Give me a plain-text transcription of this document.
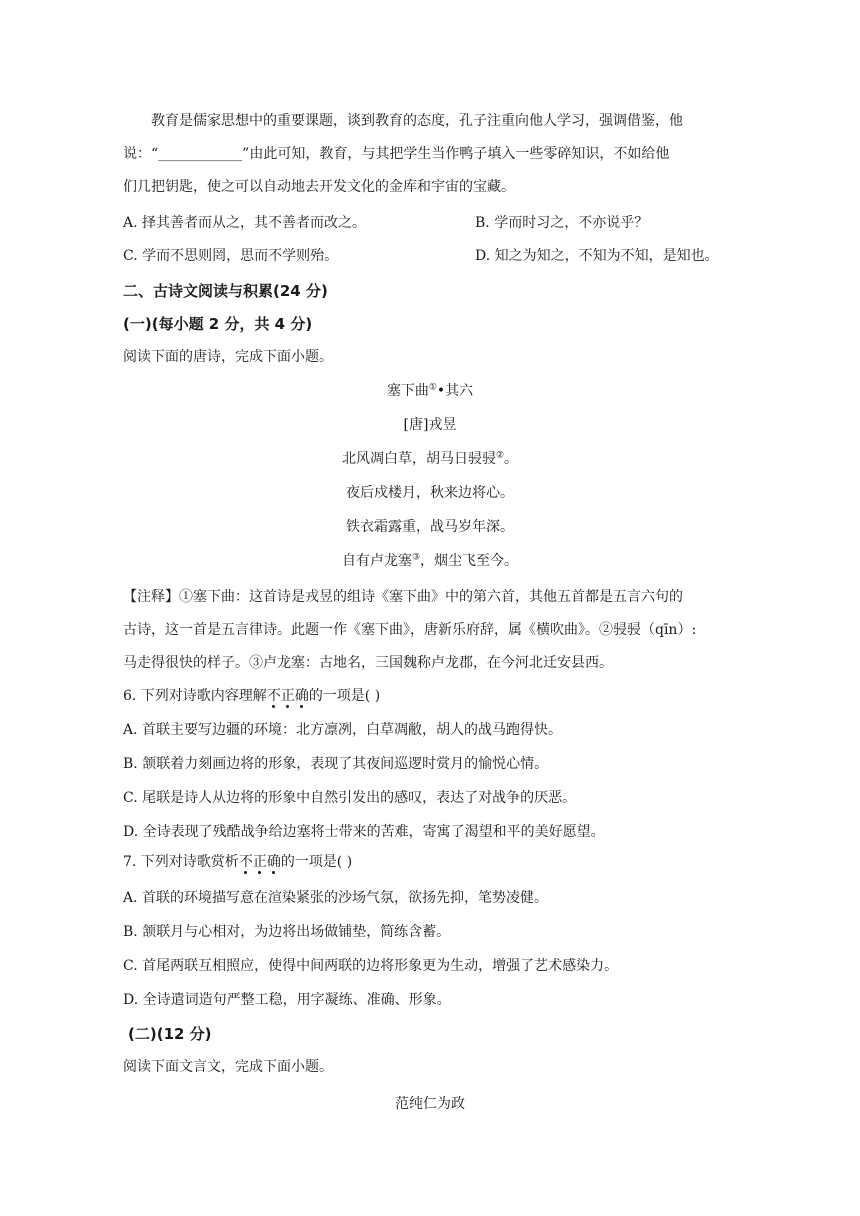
教育是儒家思想中的重要课题，谈到教育的态度，孔子注重向他人学习，强调借鉴，他
说：“____________”由此可知，教育，与其把学生当作鸭子填入一些零碎知识，不如给他
们几把钥匙，使之可以自动地去开发文化的金库和宇宙的宝藏。
A. 择其善者而从之，其不善者而改之。	B. 学而时习之，不亦说乎？
C. 学而不思则罔，思而不学则殆。	D. 知之为知之，不知为不知，是知也。
二、古诗文阅读与积累(24 分)
(一)(每小题 2 分，共 4 分)
阅读下面的唐诗，完成下面小题。
塞下曲①•其六
[唐]戎昱
北风凋白草，胡马日骎骎②。
夜后戍楼月，秋来边将心。
铁衣霜露重，战马岁年深。
自有卢龙塞③，烟尘飞至今。
【注释】①塞下曲：这首诗是戎昱的组诗《塞下曲》中的第六首，其他五首都是五言六句的
古诗，这一首是五言律诗。此题一作《塞下曲》，唐新乐府辞，属《横吹曲》。②骎骎（qīn）:
马走得很快的样子。③卢龙塞：古地名，三国魏称卢龙郡，在今河北迁安县西。
6. 下列对诗歌内容理解不正确的一项是( )
A. 首联主要写边疆的环境：北方凛冽，白草凋敝，胡人的战马跑得快。
B. 颔联着力刻画边将的形象，表现了其夜间巡逻时赏月的愉悦心情。
C. 尾联是诗人从边将的形象中自然引发出的感叹，表达了对战争的厌恶。
D. 全诗表现了残酷战争给边塞将士带来的苦难，寄寓了渴望和平的美好愿望。
7. 下列对诗歌赏析不正确的一项是( )
A. 首联的环境描写意在渲染紧张的沙场气氛，欲扬先抑，笔势凌健。
B. 颔联月与心相对，为边将出场做铺垫，简练含蓄。
C. 首尾两联互相照应，使得中间两联的边将形象更为生动，增强了艺术感染力。
D. 全诗遣词造句严整工稳，用字凝练、准确、形象。
(二)(12 分)
阅读下面文言文，完成下面小题。
范纯仁为政
